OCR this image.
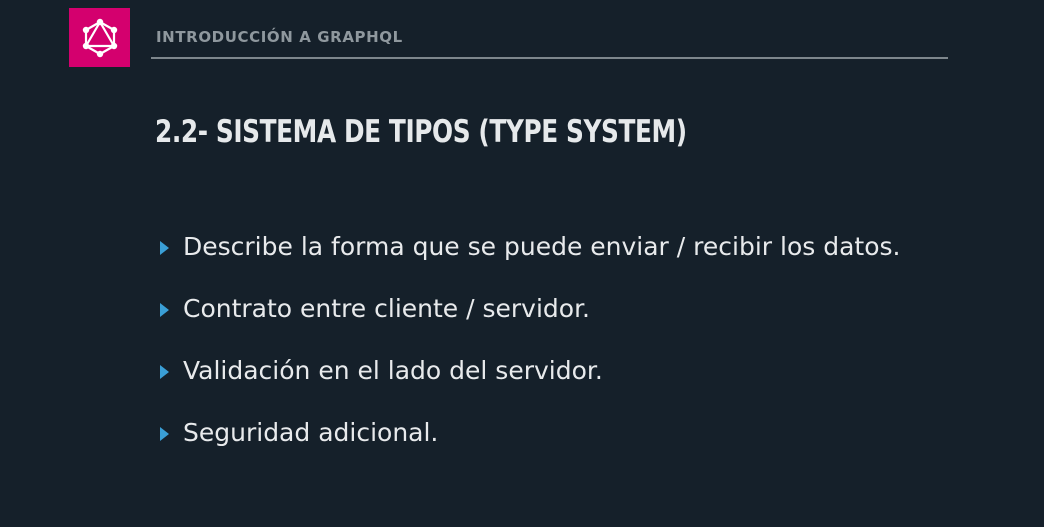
INTRODUCCIÓN A GRAPHQL
2.2- SISTEMA DE TIPOS (TYPE SYSTEM)
Describe la forma que se puede enviar / recibir los datos.
Contrato entre cliente / servidor.
Validación en el lado del servidor.
Seguridad adicional.
